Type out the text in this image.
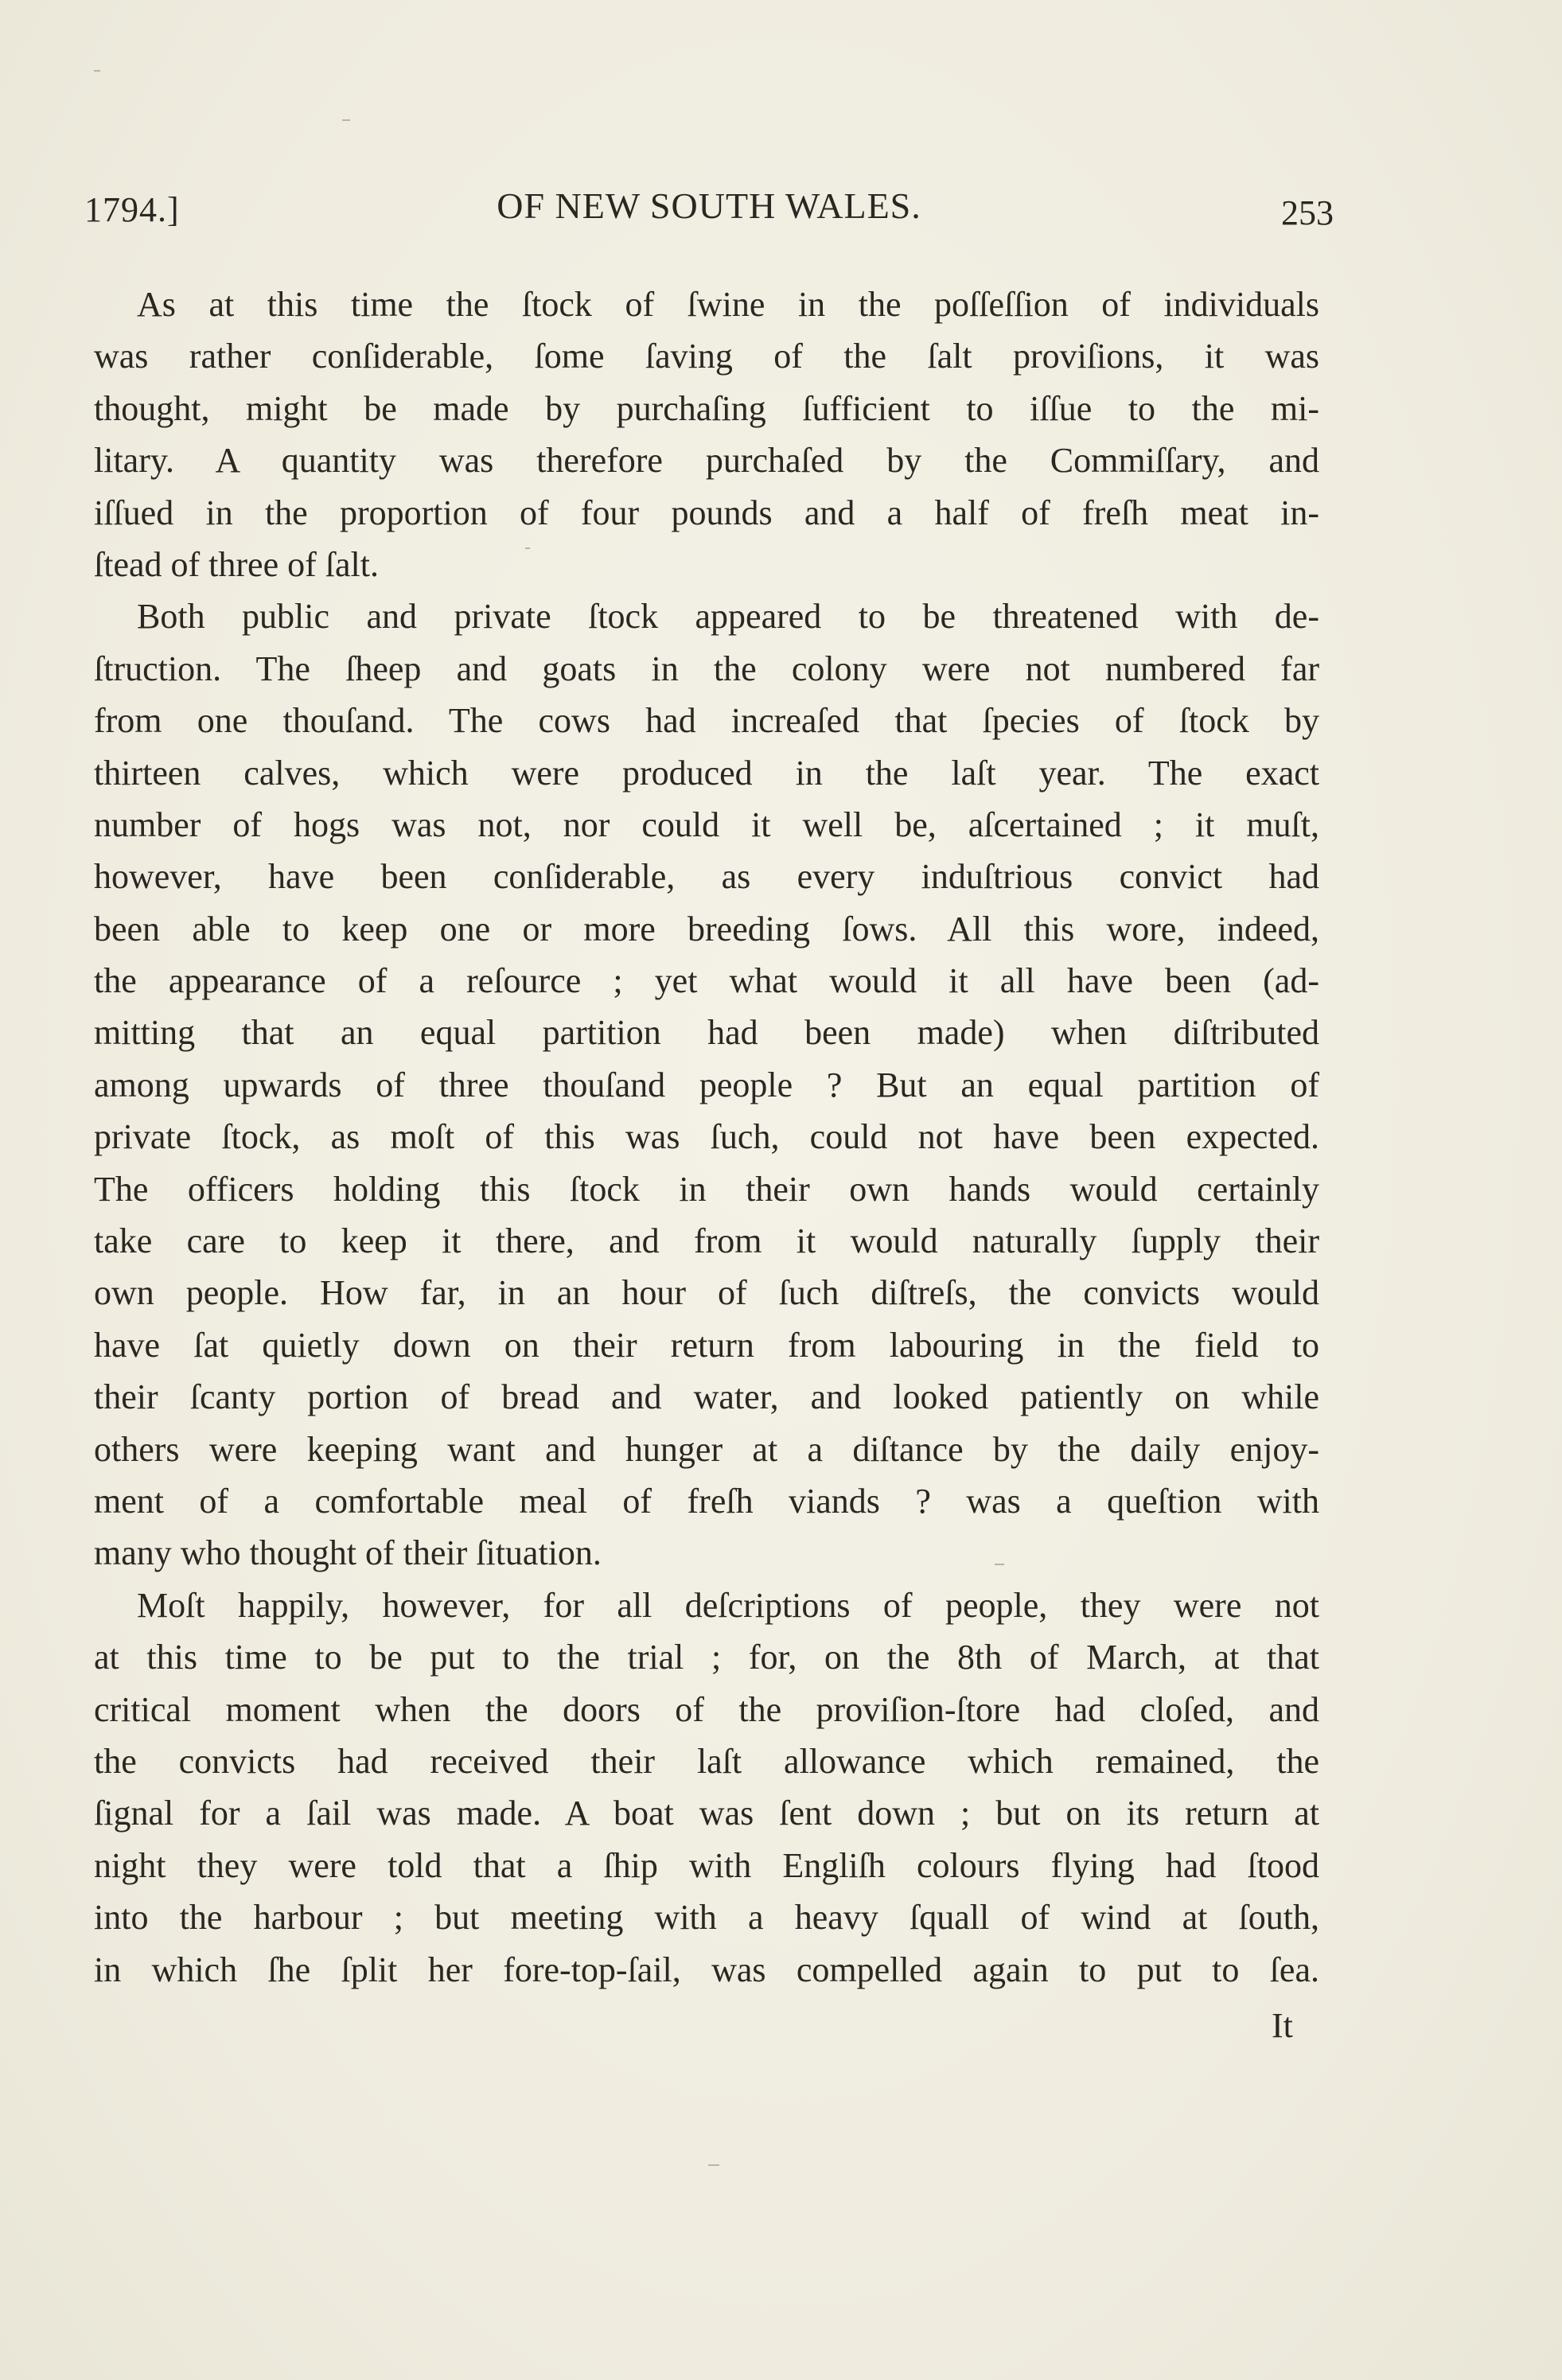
1794.]	OF NEW SOUTH WALES.	253
As at this time the ſtock of ſwine in the poſſeſſion of individuals
was rather conſiderable, ſome ſaving of the ſalt proviſions, it was
thought, might be made by purchaſing ſufficient to iſſue to the mi-
litary. A quantity was therefore purchaſed by the Commiſſary, and
iſſued in the proportion of four pounds and a half of freſh meat in-
ſtead of three of ſalt.
Both public and private ſtock appeared to be threatened with de-
ſtruction. The ſheep and goats in the colony were not numbered far
from one thouſand. The cows had increaſed that ſpecies of ſtock by
thirteen calves, which were produced in the laſt year. The exact
number of hogs was not, nor could it well be, aſcertained ; it muſt,
however, have been conſiderable, as every induſtrious convict had
been able to keep one or more breeding ſows. All this wore, indeed,
the appearance of a reſource ; yet what would it all have been (ad-
mitting that an equal partition had been made) when diſtributed
among upwards of three thouſand people ? But an equal partition of
private ſtock, as moſt of this was ſuch, could not have been expected.
The officers holding this ſtock in their own hands would certainly
take care to keep it there, and from it would naturally ſupply their
own people. How far, in an hour of ſuch diſtreſs, the convicts would
have ſat quietly down on their return from labouring in the field to
their ſcanty portion of bread and water, and looked patiently on while
others were keeping want and hunger at a diſtance by the daily enjoy-
ment of a comfortable meal of freſh viands ? was a queſtion with
many who thought of their ſituation.
Moſt happily, however, for all deſcriptions of people, they were not
at this time to be put to the trial ; for, on the 8th of March, at that
critical moment when the doors of the proviſion-ſtore had cloſed, and
the convicts had received their laſt allowance which remained, the
ſignal for a ſail was made. A boat was ſent down ; but on its return at
night they were told that a ſhip with Engliſh colours flying had ſtood
into the harbour ; but meeting with a heavy ſquall of wind at ſouth,
in which ſhe ſplit her fore-top-ſail, was compelled again to put to ſea.
It
